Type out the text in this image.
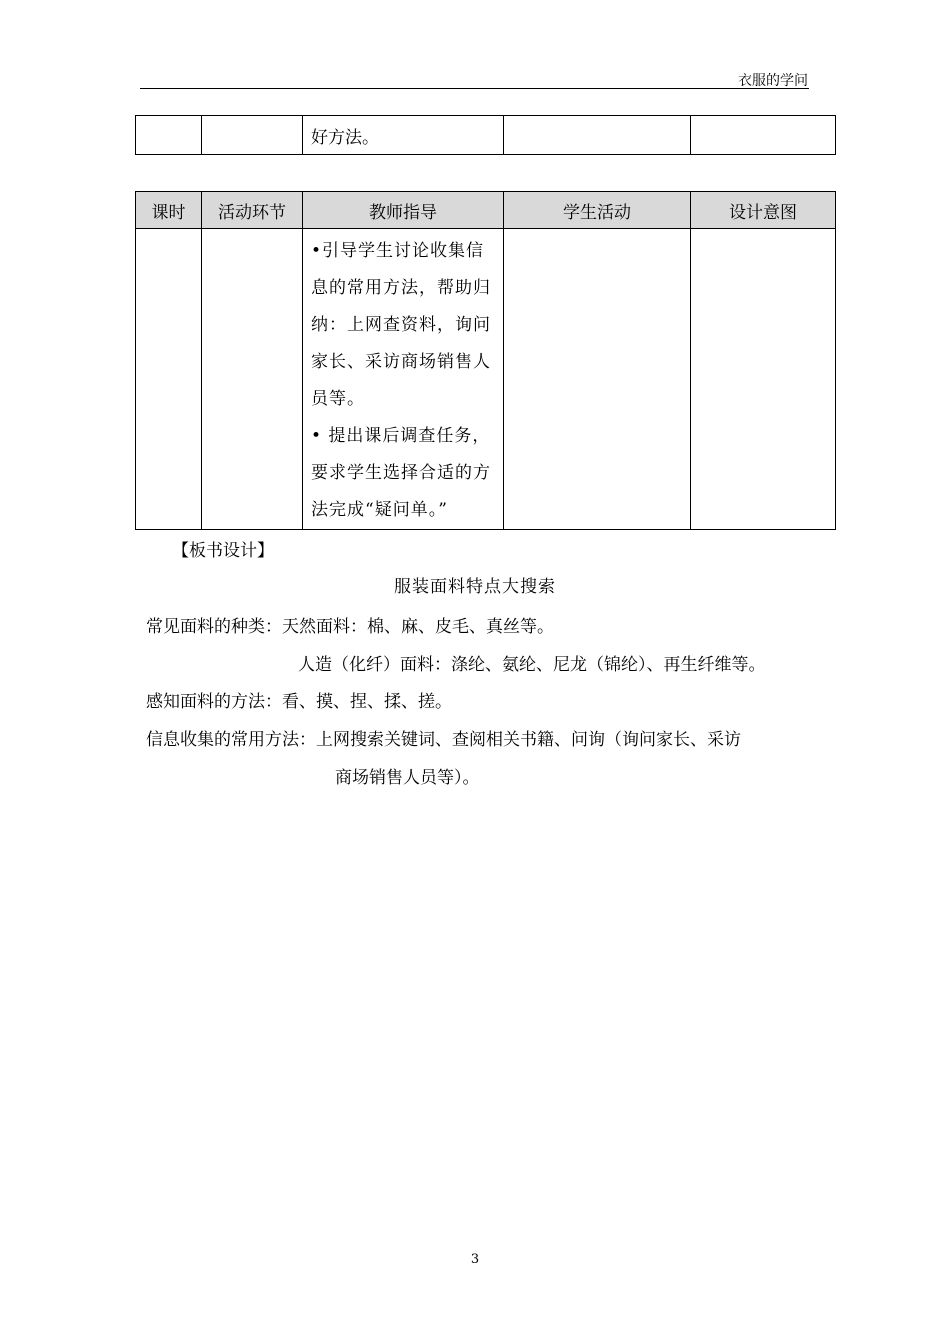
衣服的学问
		好方法。		
课时	活动环节	教师指导	学生活动	设计意图

		•引导学生讨论收集信息的常用方法，帮助归纳：上网查资料，询问家长、采访商场销售人员等。

• 提出课后调查任务，要求学生选择合适的方法完成“疑问单。”		

【板书设计】
服装面料特点大搜索
常见面料的种类：天然面料：棉、麻、皮毛、真丝等。
人造（化纤）面料：涤纶、氨纶、尼龙（锦纶）、再生纤维等。
感知面料的方法：看、摸、捏、揉、搓。
信息收集的常用方法：上网搜索关键词、查阅相关书籍、问询（询问家长、采访
商场销售人员等）。
3
